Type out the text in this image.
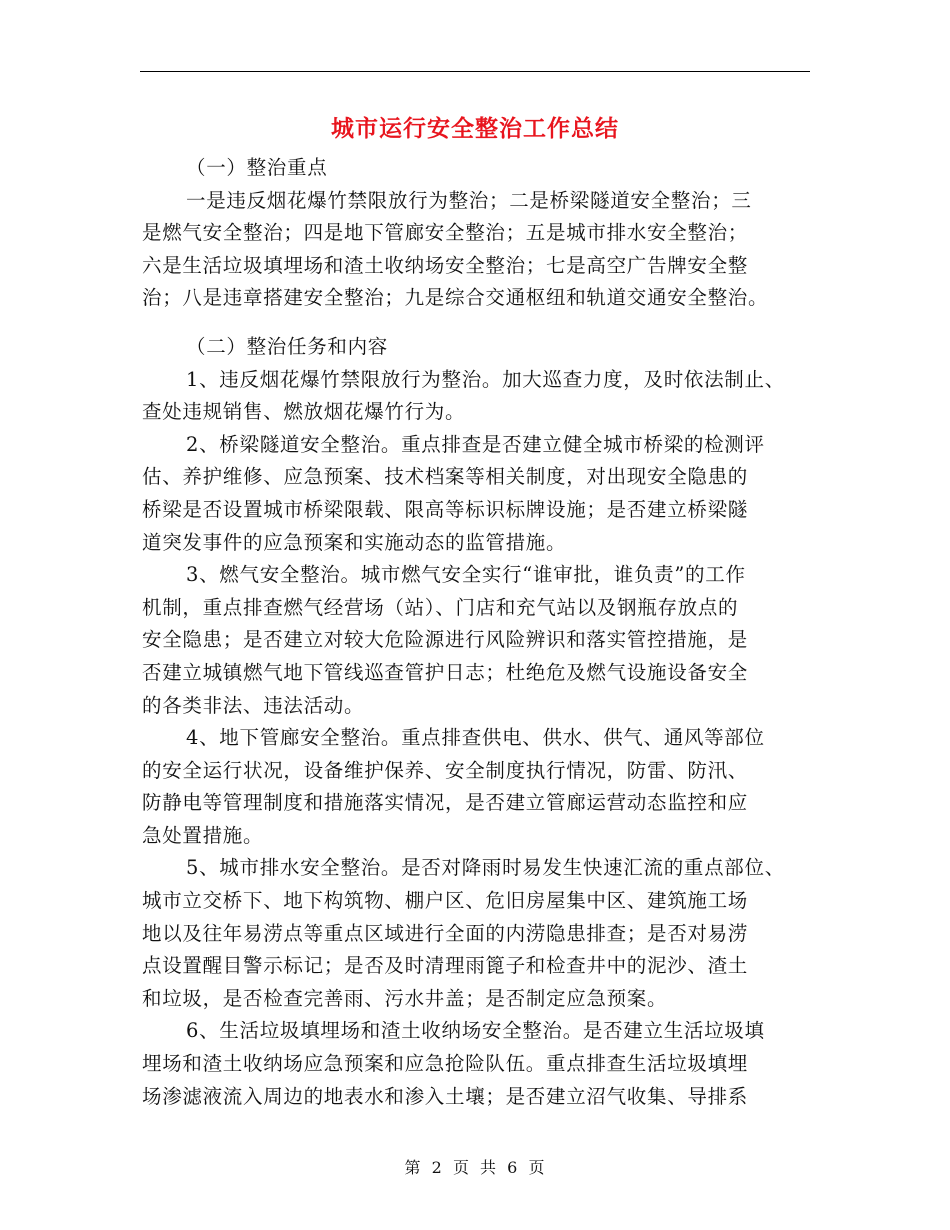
城市运行安全整治工作总结
（一）整治重点
一是违反烟花爆竹禁限放行为整治；二是桥梁隧道安全整治；三
是燃气安全整治；四是地下管廊安全整治；五是城市排水安全整治；
六是生活垃圾填埋场和渣土收纳场安全整治；七是高空广告牌安全整
治；八是违章搭建安全整治；九是综合交通枢纽和轨道交通安全整治。
（二）整治任务和内容
1、违反烟花爆竹禁限放行为整治。加大巡查力度，及时依法制止、
查处违规销售、燃放烟花爆竹行为。
2、桥梁隧道安全整治。重点排查是否建立健全城市桥梁的检测评
估、养护维修、应急预案、技术档案等相关制度，对出现安全隐患的
桥梁是否设置城市桥梁限载、限高等标识标牌设施；是否建立桥梁隧
道突发事件的应急预案和实施动态的监管措施。
3、燃气安全整治。城市燃气安全实行“谁审批，谁负责”的工作
机制，重点排查燃气经营场（站）、门店和充气站以及钢瓶存放点的
安全隐患；是否建立对较大危险源进行风险辨识和落实管控措施，是
否建立城镇燃气地下管线巡查管护日志；杜绝危及燃气设施设备安全
的各类非法、违法活动。
4、地下管廊安全整治。重点排查供电、供水、供气、通风等部位
的安全运行状况，设备维护保养、安全制度执行情况，防雷、防汛、
防静电等管理制度和措施落实情况，是否建立管廊运营动态监控和应
急处置措施。
5、城市排水安全整治。是否对降雨时易发生快速汇流的重点部位、
城市立交桥下、地下构筑物、棚户区、危旧房屋集中区、建筑施工场
地以及往年易涝点等重点区域进行全面的内涝隐患排查；是否对易涝
点设置醒目警示标记；是否及时清理雨篦子和检查井中的泥沙、渣土
和垃圾，是否检查完善雨、污水井盖；是否制定应急预案。
6、生活垃圾填埋场和渣土收纳场安全整治。是否建立生活垃圾填
埋场和渣土收纳场应急预案和应急抢险队伍。重点排查生活垃圾填埋
场渗滤液流入周边的地表水和渗入土壤；是否建立沼气收集、导排系
第 2 页 共 6 页
